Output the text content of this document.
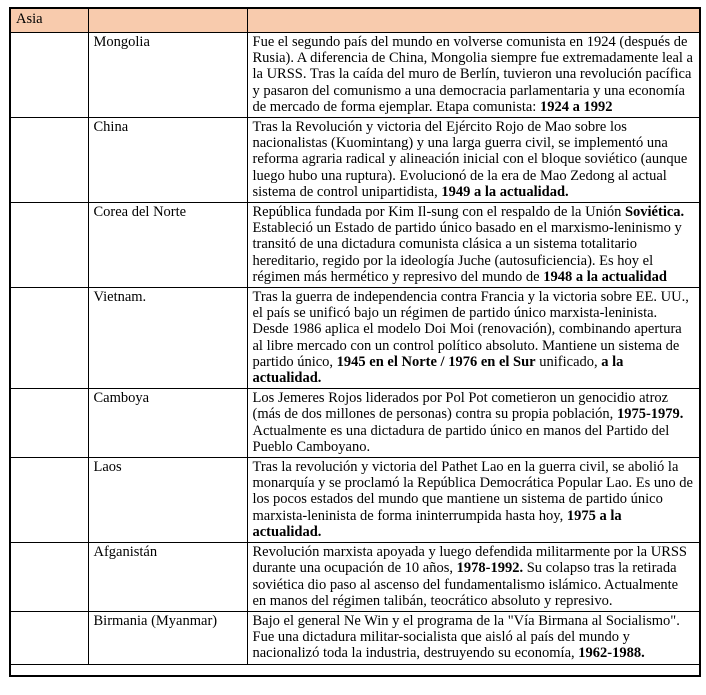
Asia		
	Mongolia	Fue el segundo país del mundo en volverse comunista en 1924 (después de Rusia). A diferencia de China, Mongolia siempre fue extremadamente leal a la URSS. Tras la caída del muro de Berlín, tuvieron una revolución pacífica y pasaron del comunismo a una democracia parlamentaria y una economía de mercado de forma ejemplar. Etapa comunista: 1924 a 1992
	China	Tras la Revolución y victoria del Ejército Rojo de Mao sobre los nacionalistas (Kuomintang) y una larga guerra civil, se implementó una reforma agraria radical y alineación inicial con el bloque soviético (aunque luego hubo una ruptura). Evolucionó de la era de Mao Zedong al actual sistema de control unipartidista, 1949 a la actualidad.
	Corea del Norte	República fundada por Kim Il-sung con el respaldo de la Unión Soviética. Estableció un Estado de partido único basado en el marxismo-leninismo y transitó de una dictadura comunista clásica a un sistema totalitario hereditario, regido por la ideología Juche (autosuficiencia). Es hoy el régimen más hermético y represivo del mundo de 1948 a la actualidad
	Vietnam.	Tras la guerra de independencia contra Francia y la victoria sobre EE. UU., el país se unificó bajo un régimen de partido único marxista-leninista. Desde 1986 aplica el modelo Doi Moi (renovación), combinando apertura al libre mercado con un control político absoluto. Mantiene un sistema de partido único, 1945 en el Norte / 1976 en el Sur unificado, a la actualidad.
	Camboya	Los Jemeres Rojos liderados por Pol Pot cometieron un genocidio atroz (más de dos millones de personas) contra su propia población, 1975-1979. Actualmente es una dictadura de partido único en manos del Partido del Pueblo Camboyano.
	Laos	Tras la revolución y victoria del Pathet Lao en la guerra civil, se abolió la monarquía y se proclamó la República Democrática Popular Lao. Es uno de los pocos estados del mundo que mantiene un sistema de partido único marxista-leninista de forma ininterrumpida hasta hoy, 1975 a la actualidad.
	Afganistán	Revolución marxista apoyada y luego defendida militarmente por la URSS durante una ocupación de 10 años, 1978-1992. Su colapso tras la retirada soviética dio paso al ascenso del fundamentalismo islámico. Actualmente en manos del régimen talibán, teocrático absoluto y represivo.
	Birmania (Myanmar)	Bajo el general Ne Win y el programa de la "Vía Birmana al Socialismo". Fue una dictadura militar-socialista que aisló al país del mundo y nacionalizó toda la industria, destruyendo su economía, 1962-1988.
